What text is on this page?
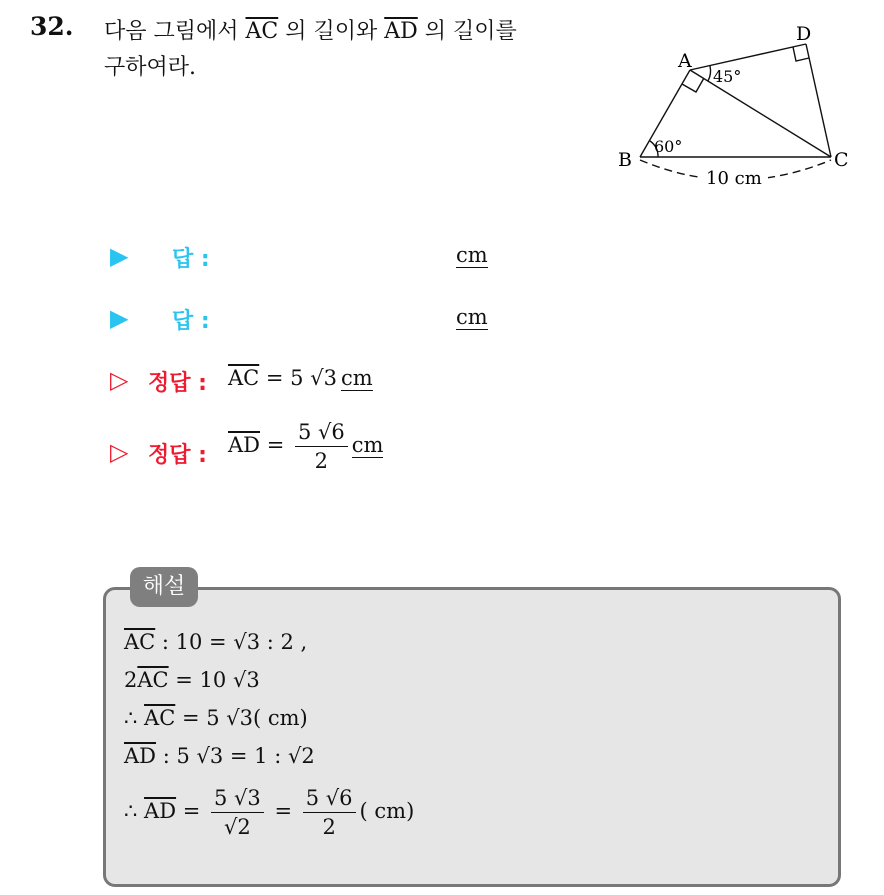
32. 다음 그림에서 $\overline{AC}$ 의 길이와 $\overline{AD}$ 의 길이를
구하여라.	A
B	C
D
45°
60°
10 cm
▶ 답 :	cm
▶ 답 :	cm
▷ 정답 : $\overline{AC} = 5$ √3 cm
▷ 정답 : $\overline{AD} = \frac{5 √6}{2}$ cm
해설
$\overline{AC}$ : 10 = √3 : 2 ,
$2\overline{AC} = 10$ √3
∴ $\overline{AC} = 5$ √3( cm)
$\overline{AD}$ : 5 √3 = 1 : √2
∴ $\overline{AD} = \frac{5 √3}{√2} = \frac{5 √6}{2}$ ( cm)
